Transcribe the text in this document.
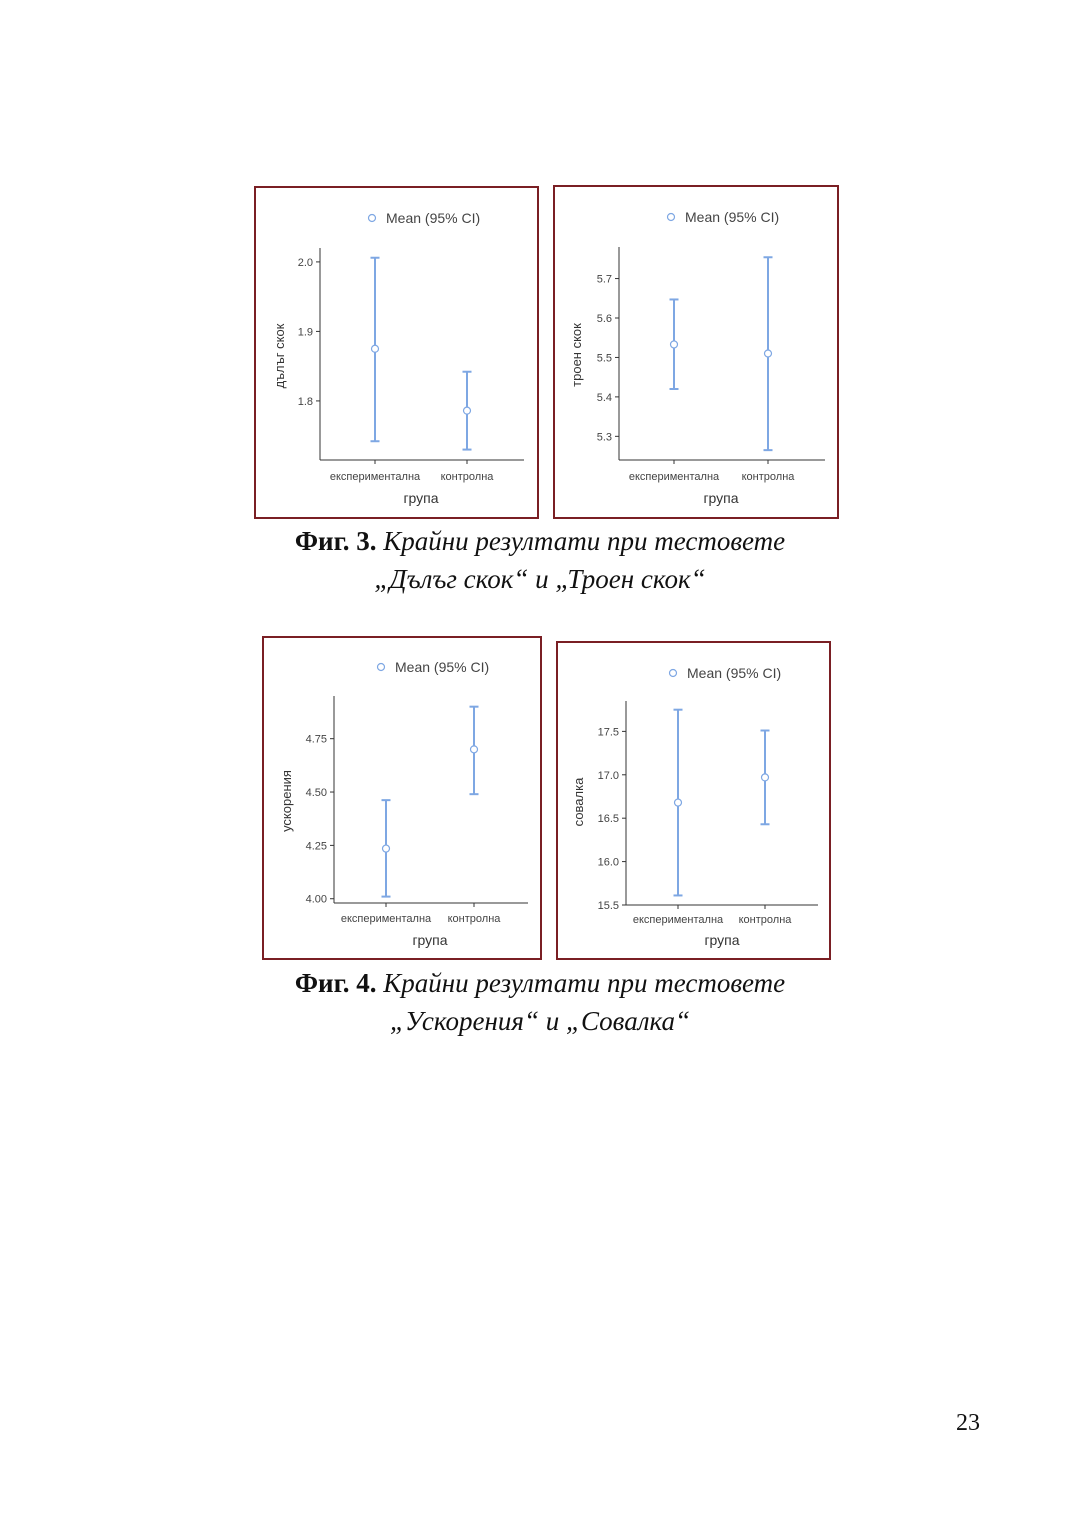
Mean (95% CI)
1.8
1.9
2.0
дълъг скок
експериментална контролна
група
Mean (95% CI)
5.3
5.4
5.5
5.6
5.7
троен скок
експериментална контролна
група
Фиг. 3. Крайни резултати при тестовете
„Дълъг скок“ и „Троен скок“
Mean (95% CI)
4.00
4.25
4.50
4.75
ускорения
експериментална контролна
група
Mean (95% CI)
15.5
16.0
16.5
17.0
17.5
совалка
експериментална контролна
група
Фиг. 4. Крайни резултати при тестовете
„Ускорения“ и „Совалка“
23
